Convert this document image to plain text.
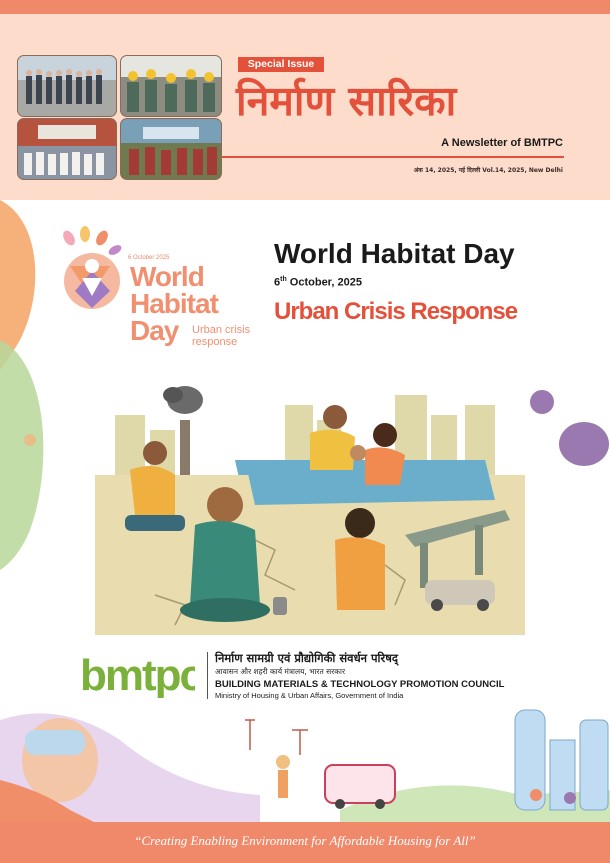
Special Issue
निर्माण सारिका
A Newsletter of BMTPC
अंक 14, 2025, नई दिल्ली Vol.14, 2025, New Delhi
6 October 2025
World
Habitat
Day Urban crisis
response
World Habitat Day
6th October, 2025
Urban Crisis Response
bmtpc निर्माण सामग्री एवं प्रौद्योगिकी संवर्धन परिषद्
आवासन और शहरी कार्य मंत्रालय, भारत सरकार
BUILDING MATERIALS & TECHNOLOGY PROMOTION COUNCIL
Ministry of Housing & Urban Affairs, Government of India
“Creating Enabling Environment for Affordable Housing for All”
